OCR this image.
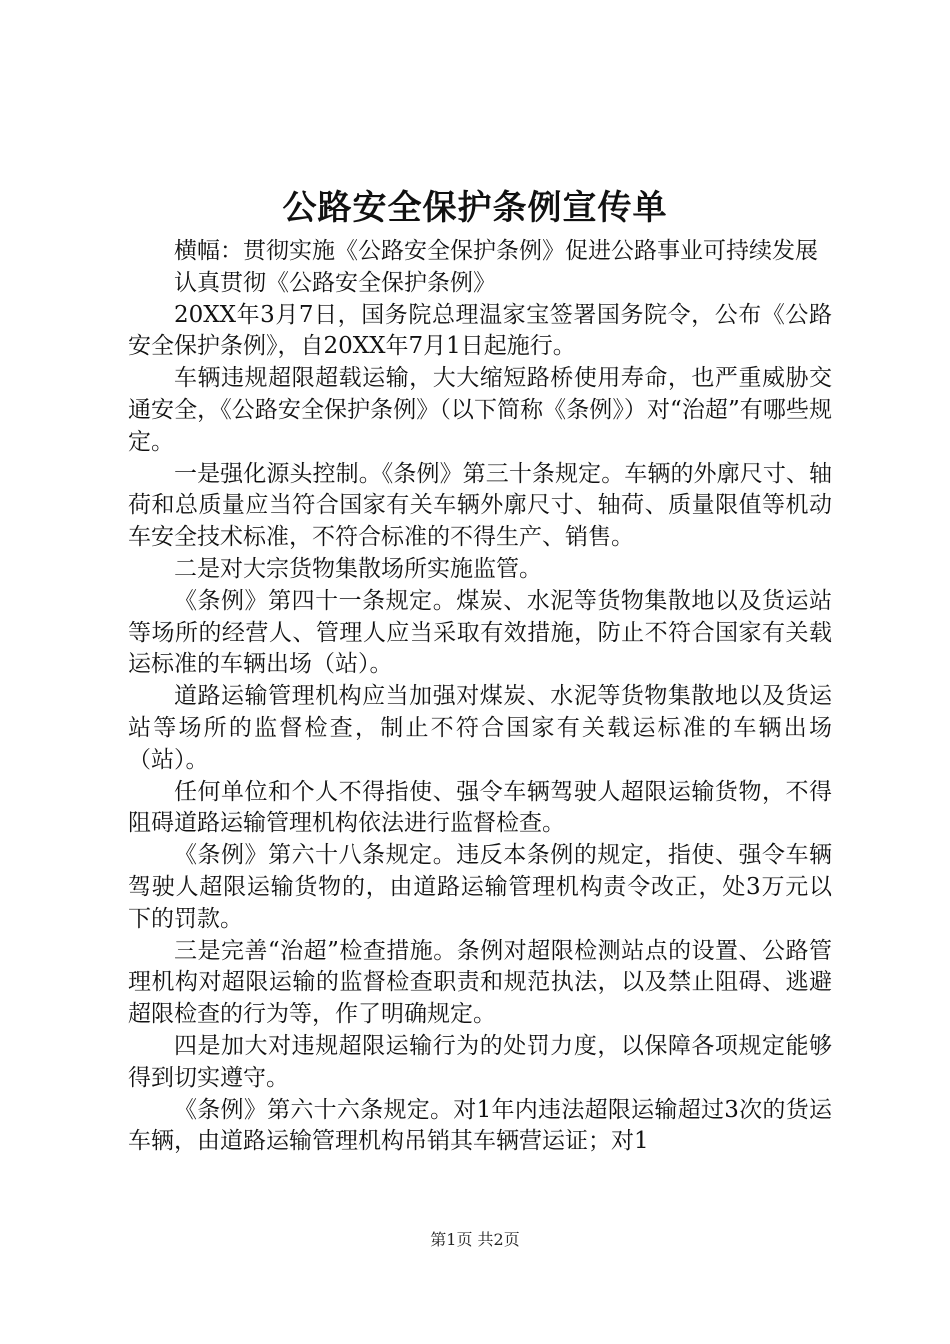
公路安全保护条例宣传单

横幅：贯彻实施《公路安全保护条例》促进公路事业可持续发展

认真贯彻《公路安全保护条例》

20XX年3月7日，国务院总理温家宝签署国务院令，公布《公路安全保护条例》，自20XX年7月1日起施行。

车辆违规超限超载运输，大大缩短路桥使用寿命，也严重威胁交通安全，《公路安全保护条例》（以下简称《条例》）对“治超”有哪些规定。

一是强化源头控制。《条例》第三十条规定。车辆的外廓尺寸、轴荷和总质量应当符合国家有关车辆外廓尺寸、轴荷、质量限值等机动车安全技术标准，不符合标准的不得生产、销售。

二是对大宗货物集散场所实施监管。

《条例》第四十一条规定。煤炭、水泥等货物集散地以及货运站等场所的经营人、管理人应当采取有效措施，防止不符合国家有关载运标准的车辆出场（站）。

道路运输管理机构应当加强对煤炭、水泥等货物集散地以及货运站等场所的监督检查，制止不符合国家有关载运标准的车辆出场（站）。

任何单位和个人不得指使、强令车辆驾驶人超限运输货物，不得阻碍道路运输管理机构依法进行监督检查。

《条例》第六十八条规定。违反本条例的规定，指使、强令车辆驾驶人超限运输货物的，由道路运输管理机构责令改正，处3万元以下的罚款。

三是完善“治超”检查措施。条例对超限检测站点的设置、公路管理机构对超限运输的监督检查职责和规范执法，以及禁止阻碍、逃避超限检查的行为等，作了明确规定。

四是加大对违规超限运输行为的处罚力度，以保障各项规定能够得到切实遵守。

《条例》第六十六条规定。对1年内违法超限运输超过3次的货运车辆，由道路运输管理机构吊销其车辆营运证；对1

第1页 共2页
